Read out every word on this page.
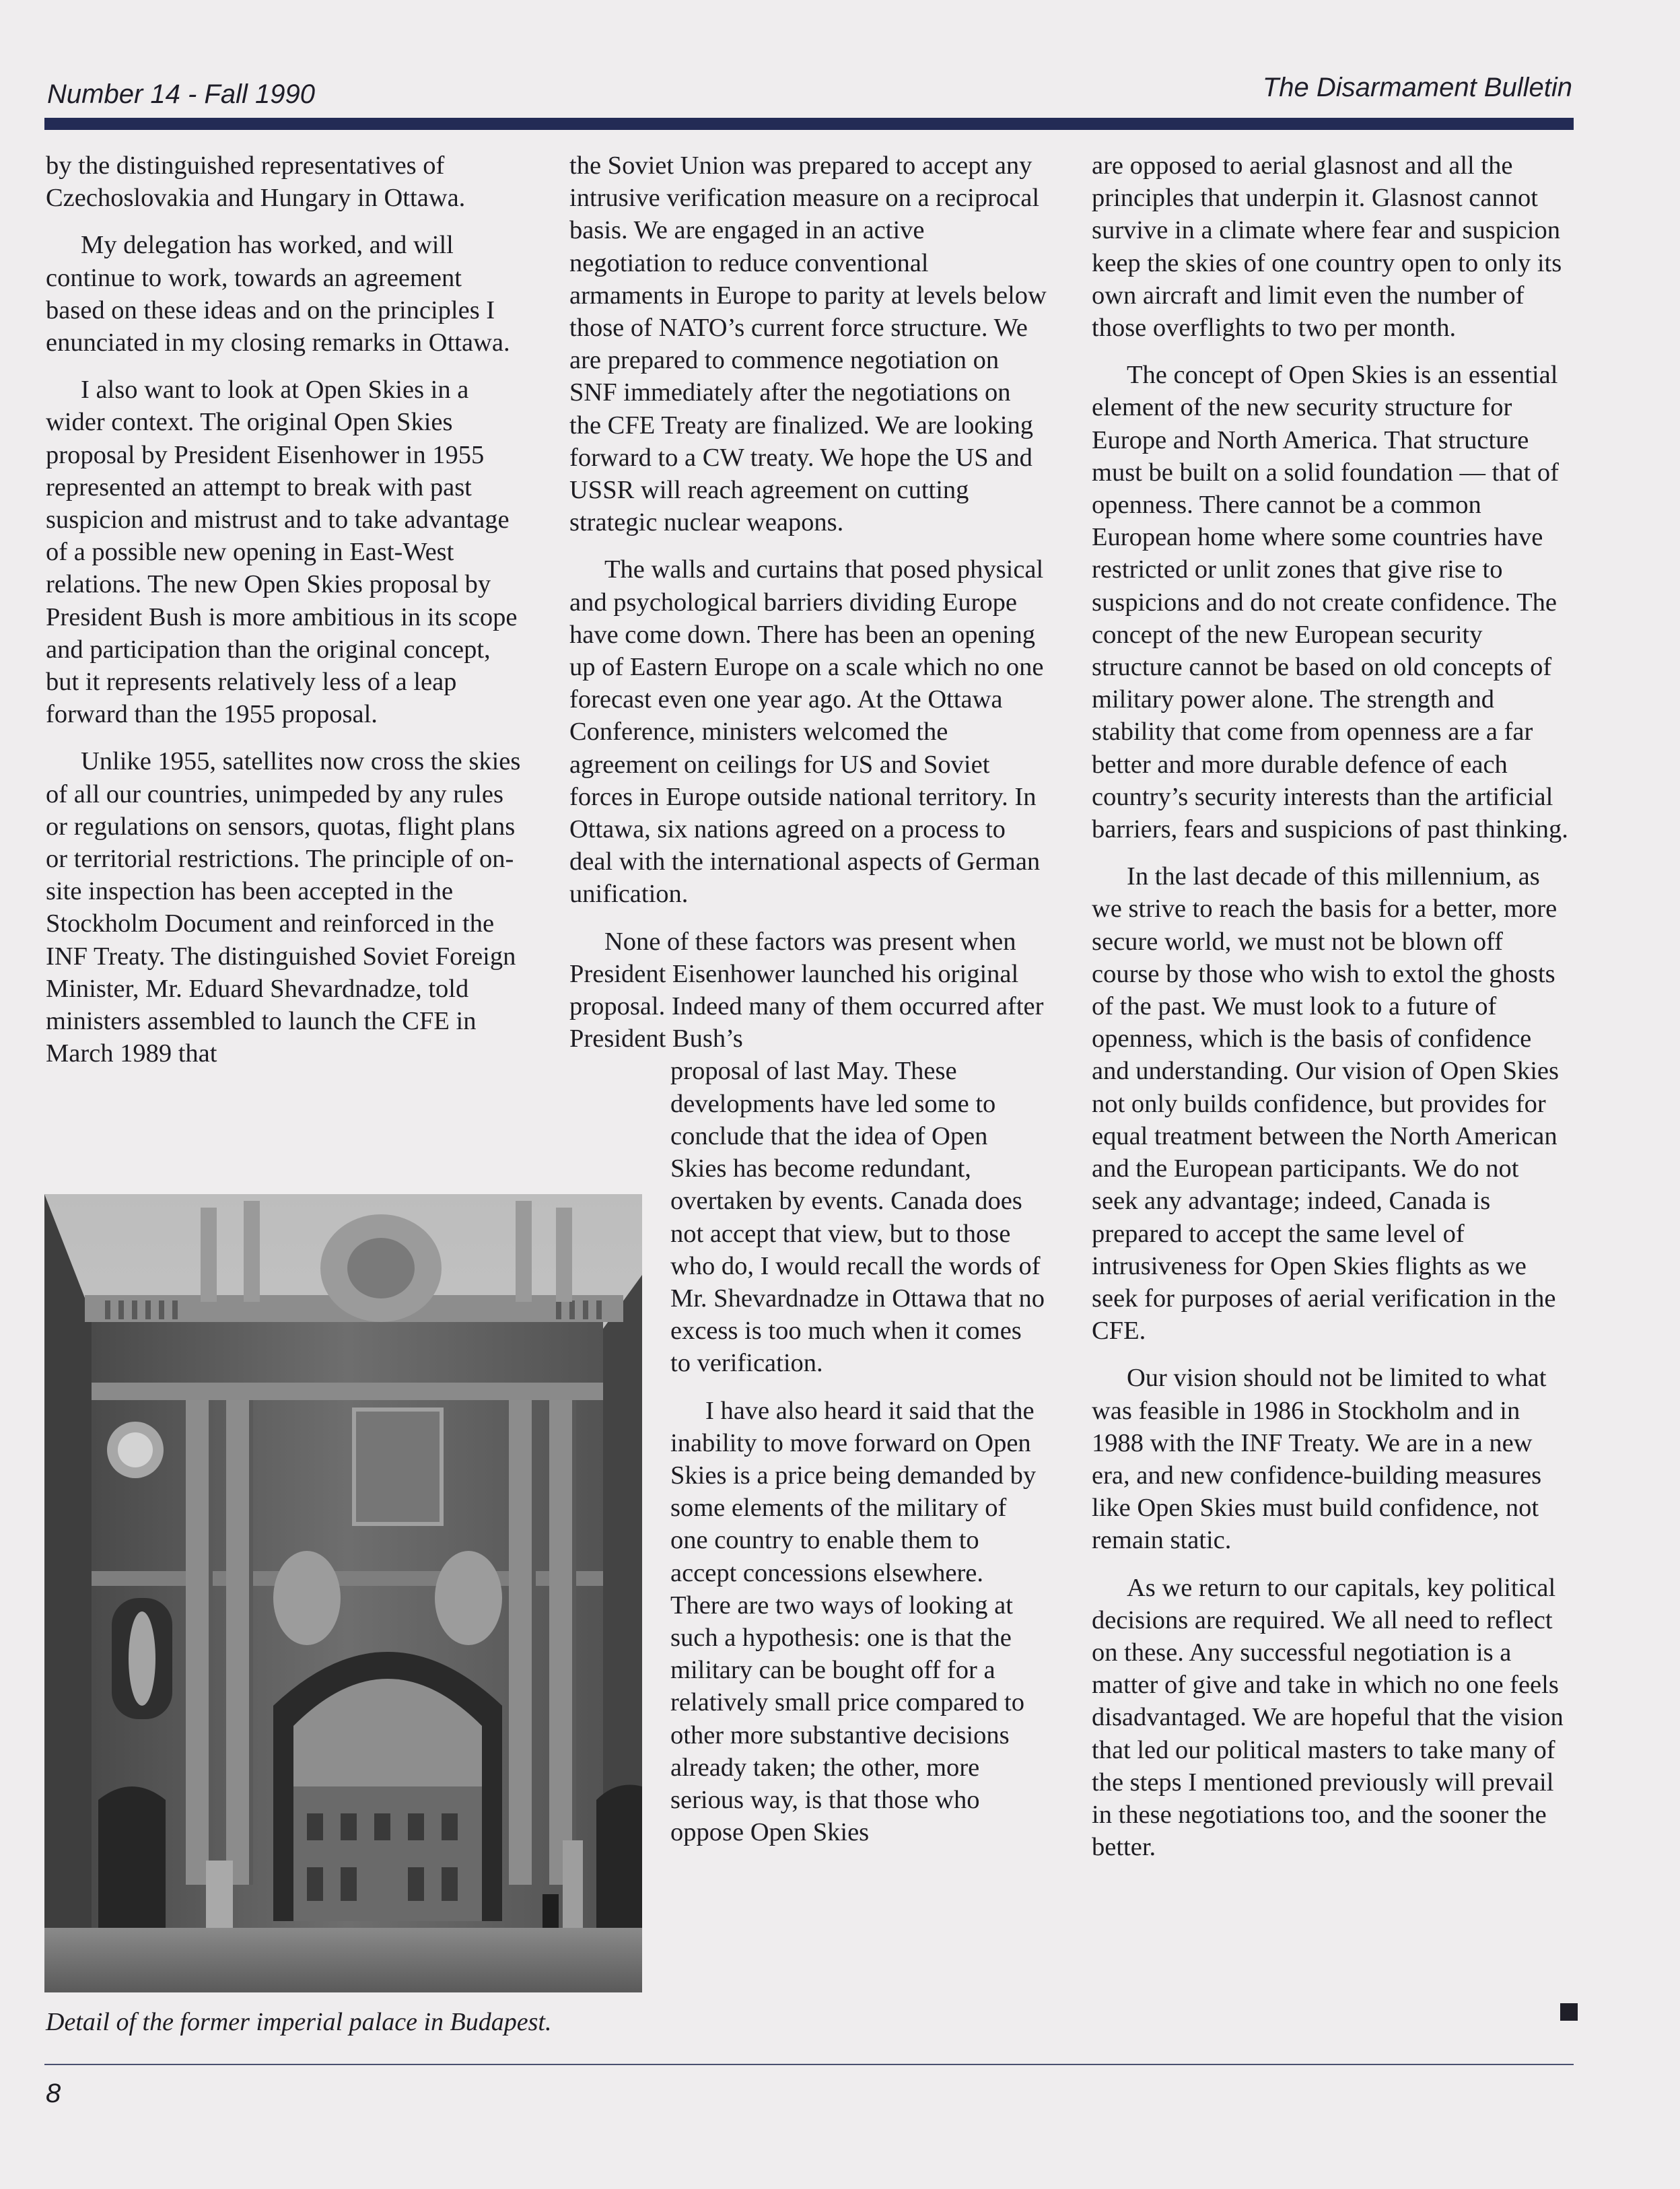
Number 14 - Fall 1990	The Disarmament Bulletin

by the distinguished representatives of Czechoslovakia and Hungary in Ottawa.

My delegation has worked, and will continue to work, towards an agreement based on these ideas and on the principles I enunciated in my closing remarks in Ottawa.

I also want to look at Open Skies in a wider context. The original Open Skies proposal by President Eisenhower in 1955 represented an attempt to break with past suspicion and mistrust and to take advantage of a possible new opening in East-West relations. The new Open Skies proposal by President Bush is more ambitious in its scope and participation than the original concept, but it represents relatively less of a leap forward than the 1955 proposal.

Unlike 1955, satellites now cross the skies of all our countries, unimpeded by any rules or regulations on sensors, quotas, flight plans or territorial restrictions. The principle of on-site inspection has been accepted in the Stockholm Document and reinforced in the INF Treaty. The distinguished Soviet Foreign Minister, Mr. Eduard Shevardnadze, told ministers assembled to launch the CFE in March 1989 that

the Soviet Union was prepared to accept any intrusive verification measure on a reciprocal basis. We are engaged in an active negotiation to reduce conventional armaments in Europe to parity at levels below those of NATO’s current force structure. We are prepared to commence negotiation on SNF immediately after the negotiations on the CFE Treaty are finalized. We are looking forward to a CW treaty. We hope the US and USSR will reach agreement on cutting strategic nuclear weapons.

The walls and curtains that posed physical and psychological barriers dividing Europe have come down. There has been an opening up of Eastern Europe on a scale which no one forecast even one year ago. At the Ottawa Conference, ministers welcomed the agreement on ceilings for US and Soviet forces in Europe outside national territory. In Ottawa, six nations agreed on a process to deal with the international aspects of German unification.

None of these factors was present when President Eisenhower launched his original proposal. Indeed many of them occurred after President Bush’s

proposal of last May. These developments have led some to conclude that the idea of Open Skies has become redundant, overtaken by events. Canada does not accept that view, but to those who do, I would recall the words of Mr. Shevardnadze in Ottawa that no excess is too much when it comes to verification.

I have also heard it said that the inability to move forward on Open Skies is a price being demanded by some elements of the military of one country to enable them to accept concessions elsewhere. There are two ways of looking at such a hypothesis: one is that the military can be bought off for a relatively small price compared to other more substantive decisions already taken; the other, more serious way, is that those who oppose Open Skies

are opposed to aerial glasnost and all the principles that underpin it. Glasnost cannot survive in a climate where fear and suspicion keep the skies of one country open to only its own aircraft and limit even the number of those overflights to two per month.

The concept of Open Skies is an essential element of the new security structure for Europe and North America. That structure must be built on a solid foundation — that of openness. There cannot be a common European home where some countries have restricted or unlit zones that give rise to suspicions and do not create confidence. The concept of the new European security structure cannot be based on old concepts of military power alone. The strength and stability that come from openness are a far better and more durable defence of each country’s security interests than the artificial barriers, fears and suspicions of past thinking.

In the last decade of this millennium, as we strive to reach the basis for a better, more secure world, we must not be blown off course by those who wish to extol the ghosts of the past. We must look to a future of openness, which is the basis of confidence and understanding. Our vision of Open Skies not only builds confidence, but provides for equal treatment between the North American and the European participants. We do not seek any advantage; indeed, Canada is prepared to accept the same level of intrusiveness for Open Skies flights as we seek for purposes of aerial verification in the CFE.

Our vision should not be limited to what was feasible in 1986 in Stockholm and in 1988 with the INF Treaty. We are in a new era, and new confidence-building measures like Open Skies must build confidence, not remain static.

As we return to our capitals, key political decisions are required. We all need to reflect on these. Any successful negotiation is a matter of give and take in which no one feels disadvantaged. We are hopeful that the vision that led our political masters to take many of the steps I mentioned previously will prevail in these negotiations too, and the sooner the better.

Detail of the former imperial palace in Budapest.
8
